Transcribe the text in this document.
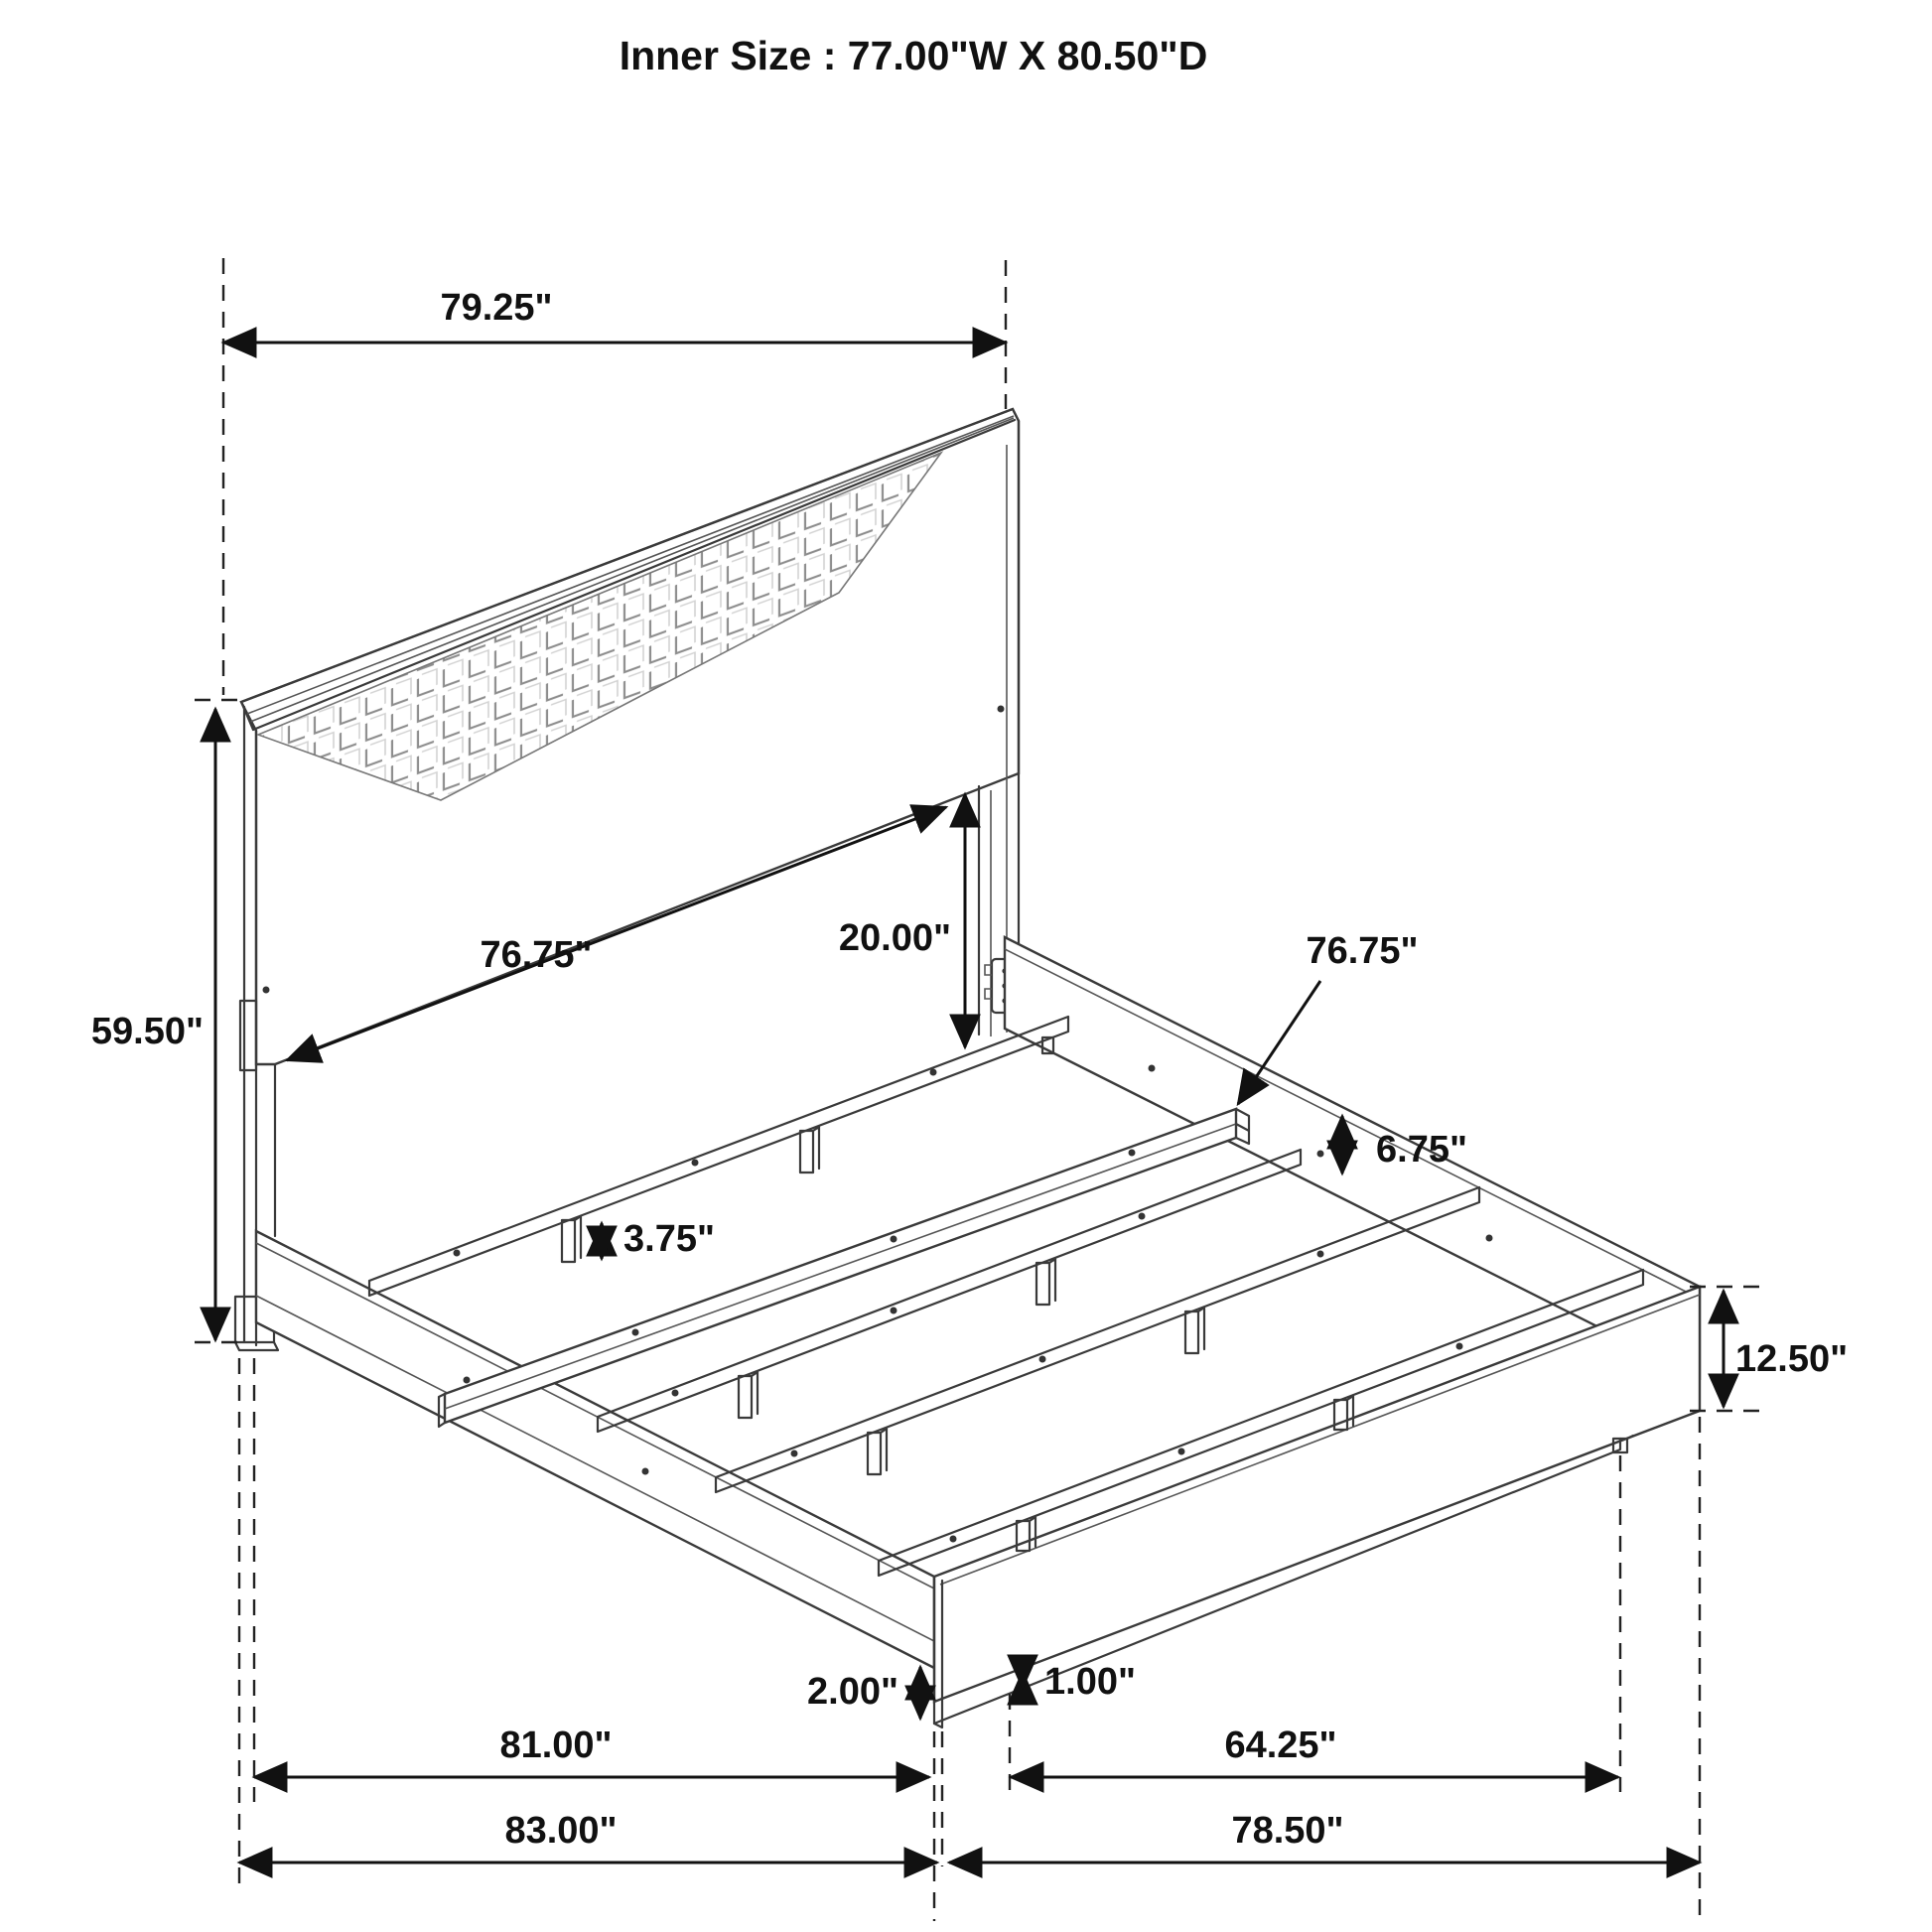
Inner Size : 77.00"W X 80.50"D
79.25"
59.50"
76.75"	20.00"	76.75"
6.75"
3.75"
12.50"
2.00"	1.00"
81.00"	64.25"
83.00"	78.50"
